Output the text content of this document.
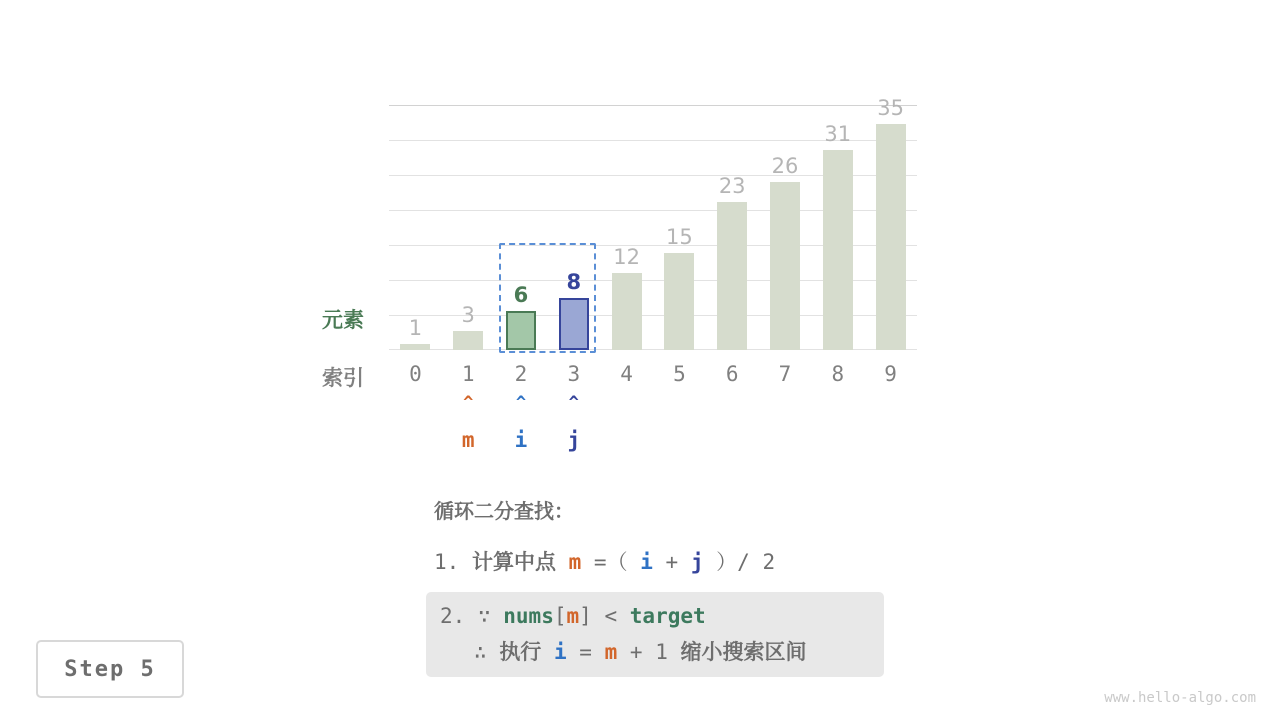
1
3
6
8
12
15
23
26
31
35
元素
索引	0	1	2	3	4	5	6	7	8	9
^
m
^
i
^
j
循环二分查找：
1. 计算中点 m =（ i + j ）/ 2
2. ∵ nums[m] < target
∴ 执行 i = m + 1 缩小搜索区间
Step 5
www.hello-algo.com
